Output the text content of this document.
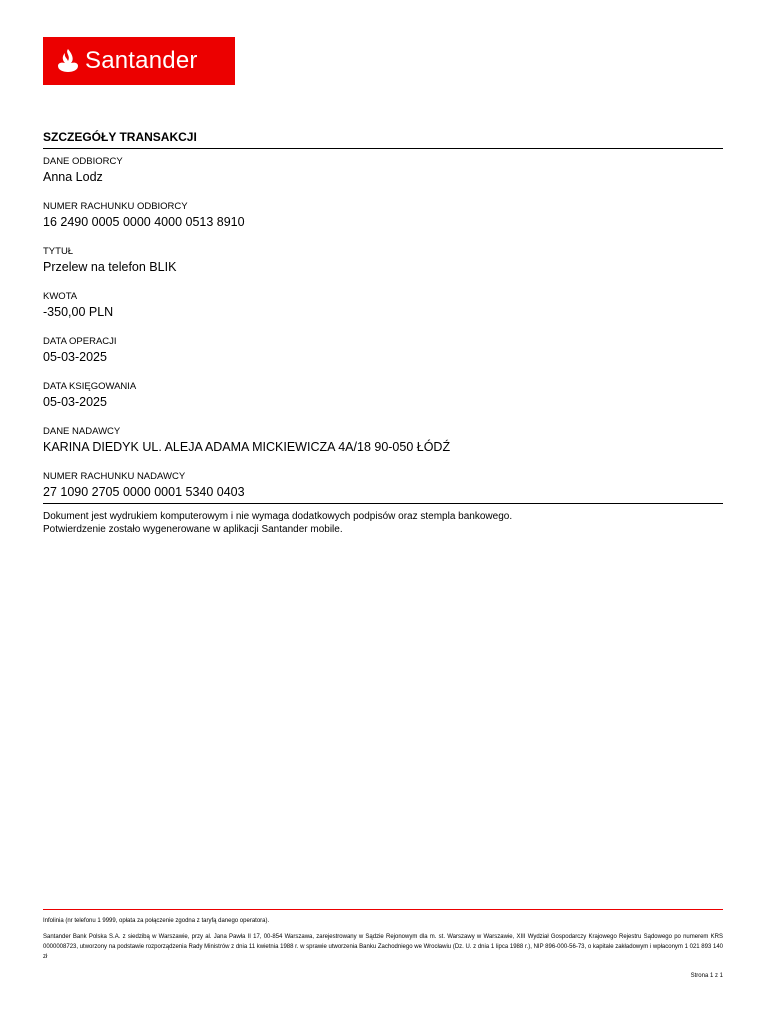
Santander
SZCZEGÓŁY TRANSAKCJI
DANE ODBIORCY
Anna Lodz
NUMER RACHUNKU ODBIORCY
16 2490 0005 0000 4000 0513 8910
TYTUŁ
Przelew na telefon BLIK
KWOTA
-350,00 PLN
DATA OPERACJI
05-03-2025
DATA KSIĘGOWANIA
05-03-2025
DANE NADAWCY
KARINA DIEDYK UL. ALEJA ADAMA MICKIEWICZA 4A/18 90-050 ŁÓDŹ
NUMER RACHUNKU NADAWCY
27 1090 2705 0000 0001 5340 0403
Dokument jest wydrukiem komputerowym i nie wymaga dodatkowych podpisów oraz stempla bankowego.
Potwierdzenie zostało wygenerowane w aplikacji Santander mobile.
Infolinia (nr telefonu 1 9999, opłata za połączenie zgodna z taryfą danego operatora).
Santander Bank Polska S.A. z siedzibą w Warszawie, przy al. Jana Pawła II 17, 00-854 Warszawa, zarejestrowany w Sądzie Rejonowym dla m. st. Warszawy w Warszawie, XIII Wydział Gospodarczy Krajowego Rejestru Sądowego po numerem KRS 0000008723, utworzony na podstawie rozporządzenia Rady Ministrów z dnia 11 kwietnia 1988 r. w sprawie utworzenia Banku Zachodniego we Wrocławiu (Dz. U. z dnia 1 lipca 1988 r.), NIP 896-000-56-73, o kapitale zakładowym i wpłaconym 1 021 893 140 zł
Strona 1 z 1
